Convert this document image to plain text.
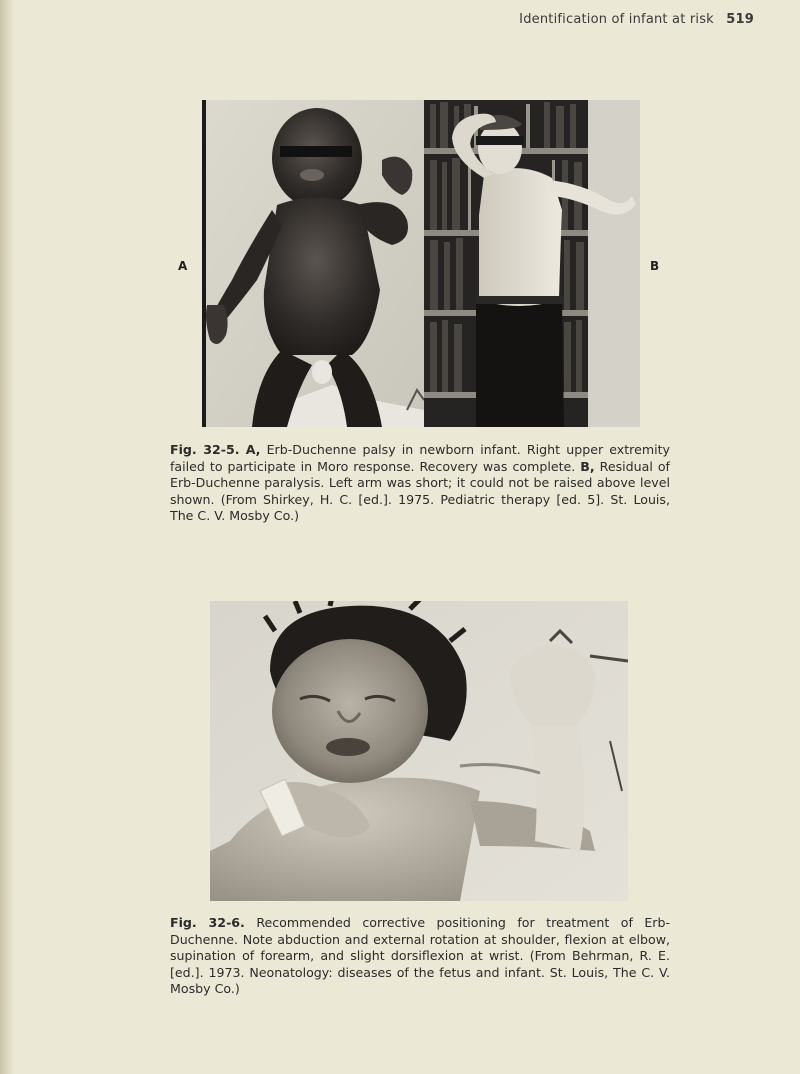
Identification of infant at risk 519
A	B
Fig. 32-5. A, Erb-Duchenne palsy in newborn infant. Right upper extremity failed to participate in Moro response. Recovery was complete. B, Residual of Erb-Duchenne paralysis. Left arm was short; it could not be raised above level shown. (From Shirkey, H. C. [ed.]. 1975. Pediatric therapy [ed. 5]. St. Louis, The C. V. Mosby Co.)
Fig. 32-6. Recommended corrective positioning for treatment of Erb-Duchenne. Note abduction and external rotation at shoulder, flexion at elbow, supination of forearm, and slight dorsiflexion at wrist. (From Behrman, R. E. [ed.]. 1973. Neonatology: diseases of the fetus and infant. St. Louis, The C. V. Mosby Co.)
